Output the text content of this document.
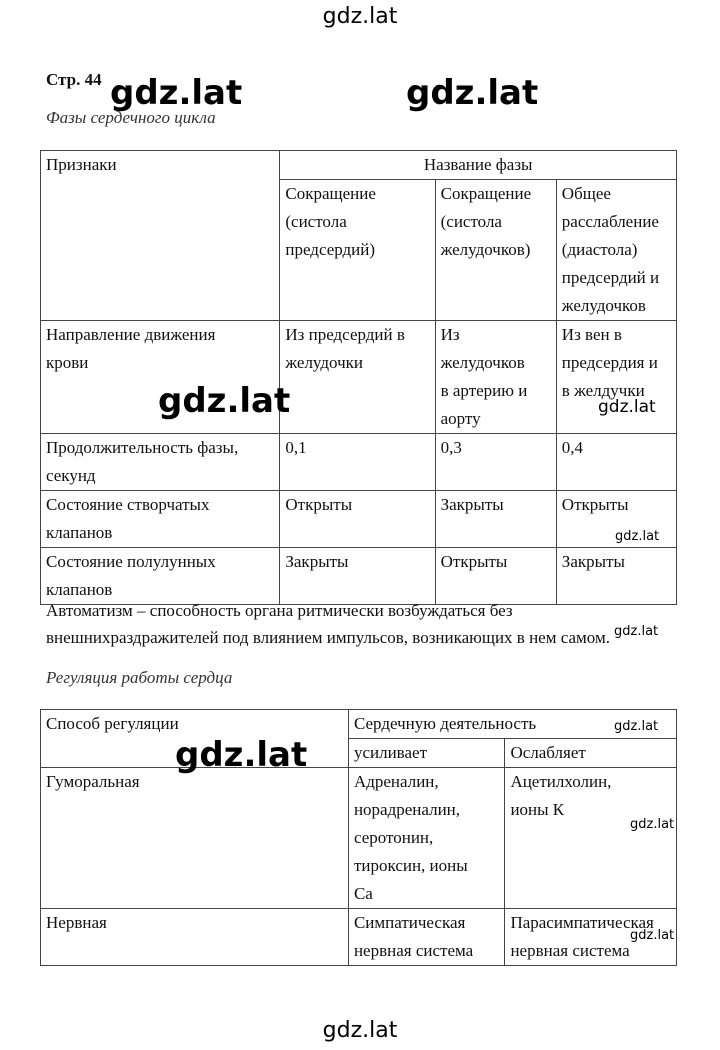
gdz.lat
Стр. 44 gdz.lat	gdz.lat
Фазы сердечного цикла
Признаки	Название фазы		

	Сокращение
(систола
предсердий)	Сокращение
(систола
желудочков)	Общее
расслабление
(диастола)
предсердий и
желудочков

Направление движения
крови	Из предсердий в
желудочки	Из
желудочков
в артерию и
аорту	Из вен в
предсердия и
в желдучки

Продолжительность фазы,
секунд	0,1	0,3	0,4

Состояние створчатых
клапанов	Открыты	Закрыты	Открыты

Состояние полулунных
клапанов	Закрыты	Открыты	Закрыты
gdz.lat	gdz.lat
gdz.lat
Автоматизм – способность органа ритмически возбуждаться без внешнихраздражителей под влиянием импульсов, возникающих в нем самом. gdz.lat
Регуляция работы сердца
Способ регуляции	Сердечную деятельность	

	усиливает	Ослабляет

Гуморальная	Адреналин,
норадреналин,
серотонин,
тироксин, ионы
Ca	Ацетилхолин,
ионы К

Нервная	Симпатическая
нервная система	Парасимпатическая
нервная система
gdz.lat
gdz.lat
gdz.lat
gdz.lat
gdz.lat
